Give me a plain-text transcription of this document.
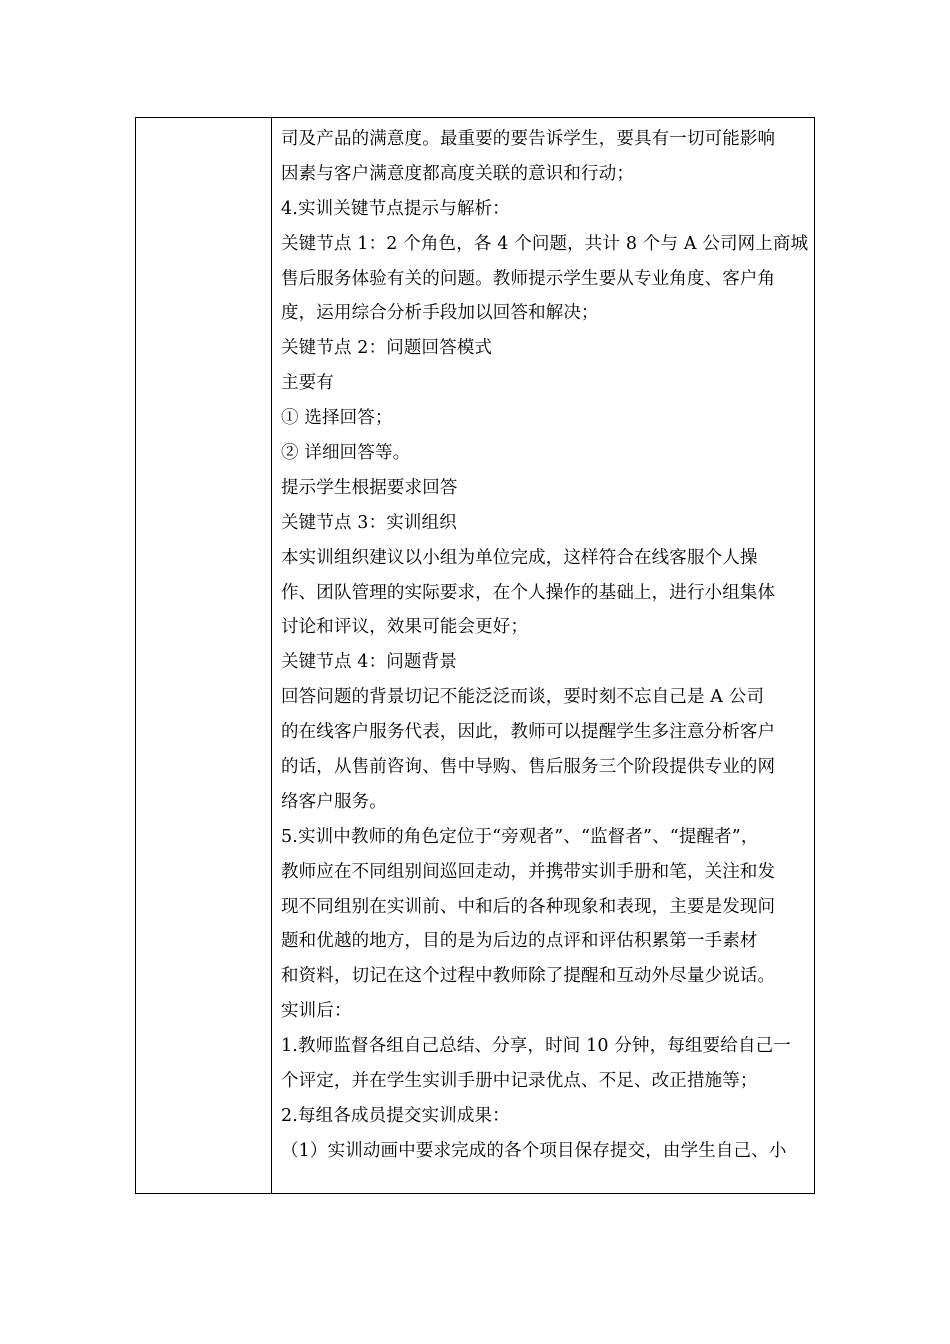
司及产品的满意度。最重要的要告诉学生，要具有一切可能影响
因素与客户满意度都高度关联的意识和行动；
4.实训关键节点提示与解析：
关键节点 1：2 个角色，各 4 个问题，共计 8 个与 A 公司网上商城
售后服务体验有关的问题。教师提示学生要从专业角度、客户角
度，运用综合分析手段加以回答和解决；
关键节点 2：问题回答模式
主要有
① 选择回答；
② 详细回答等。
提示学生根据要求回答
关键节点 3：实训组织
本实训组织建议以小组为单位完成，这样符合在线客服个人操
作、团队管理的实际要求，在个人操作的基础上，进行小组集体
讨论和评议，效果可能会更好；
关键节点 4：问题背景
回答问题的背景切记不能泛泛而谈，要时刻不忘自己是 A 公司
的在线客户服务代表，因此，教师可以提醒学生多注意分析客户
的话，从售前咨询、售中导购、售后服务三个阶段提供专业的网
络客户服务。
5.实训中教师的角色定位于“旁观者”、“监督者”、“提醒者”，
教师应在不同组别间巡回走动，并携带实训手册和笔，关注和发
现不同组别在实训前、中和后的各种现象和表现，主要是发现问
题和优越的地方，目的是为后边的点评和评估积累第一手素材
和资料，切记在这个过程中教师除了提醒和互动外尽量少说话。
实训后：
1.教师监督各组自己总结、分享，时间 10 分钟，每组要给自己一
个评定，并在学生实训手册中记录优点、不足、改正措施等；
2.每组各成员提交实训成果：
（1）实训动画中要求完成的各个项目保存提交，由学生自己、小
